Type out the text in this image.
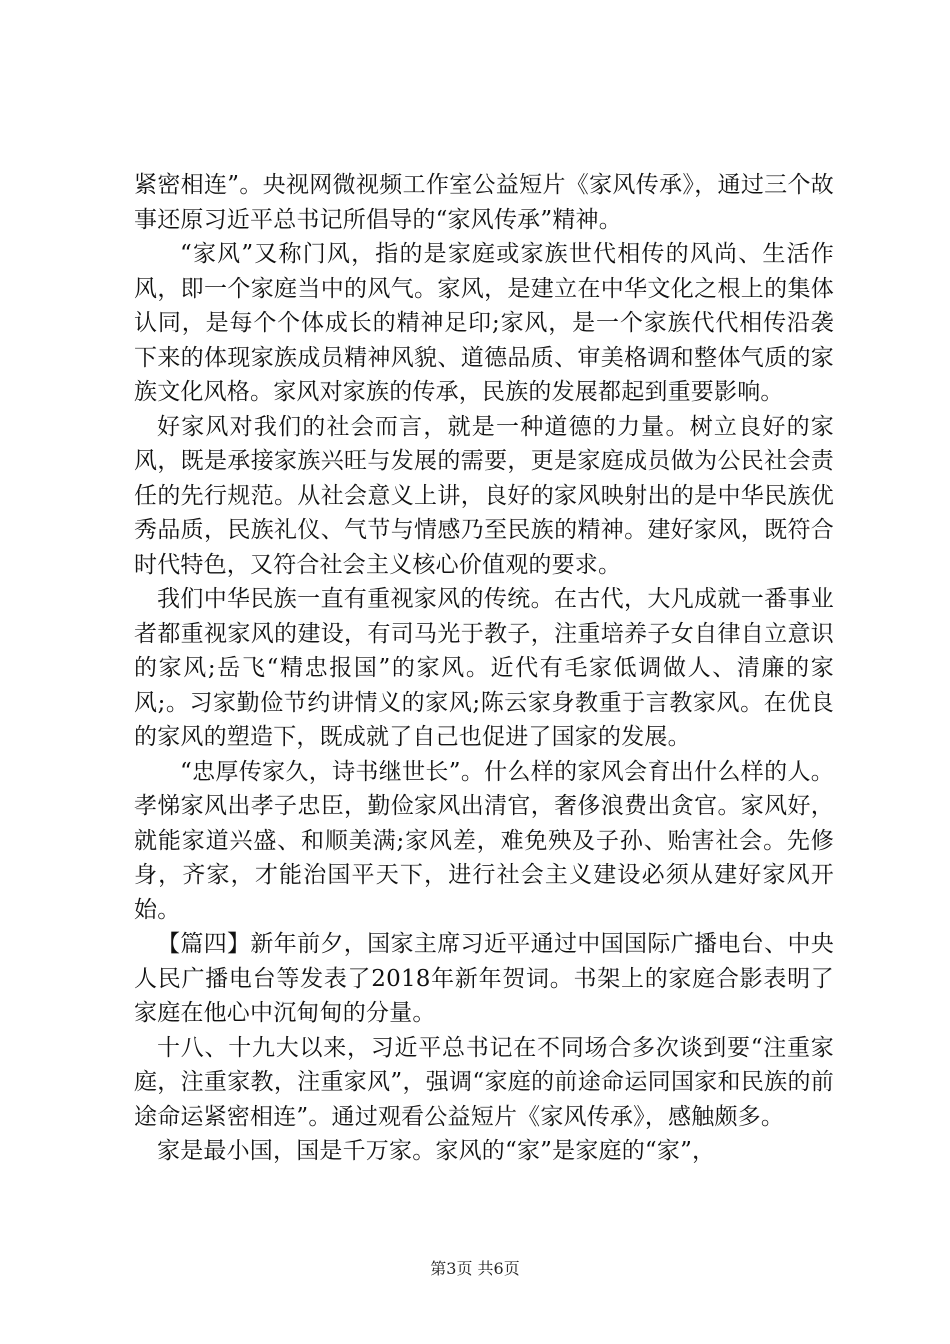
紧密相连”。央视网微视频工作室公益短片《家风传承》，通过三个故事还原习近平总书记所倡导的“家风传承”精神。

“家风”又称门风，指的是家庭或家族世代相传的风尚、生活作风，即一个家庭当中的风气。家风，是建立在中华文化之根上的集体认同，是每个个体成长的精神足印;家风，是一个家族代代相传沿袭下来的体现家族成员精神风貌、道德品质、审美格调和整体气质的家族文化风格。家风对家族的传承，民族的发展都起到重要影响。

好家风对我们的社会而言，就是一种道德的力量。树立良好的家风，既是承接家族兴旺与发展的需要，更是家庭成员做为公民社会责任的先行规范。从社会意义上讲，良好的家风映射出的是中华民族优秀品质，民族礼仪、气节与情感乃至民族的精神。建好家风，既符合时代特色，又符合社会主义核心价值观的要求。

我们中华民族一直有重视家风的传统。在古代，大凡成就一番事业者都重视家风的建设，有司马光于教子，注重培养子女自律自立意识的家风;岳飞“精忠报国”的家风。近代有毛家低调做人、清廉的家风;。习家勤俭节约讲情义的家风;陈云家身教重于言教家风。在优良的家风的塑造下，既成就了自己也促进了国家的发展。

“忠厚传家久，诗书继世长”。什么样的家风会育出什么样的人。孝悌家风出孝子忠臣，勤俭家风出清官，奢侈浪费出贪官。家风好，就能家道兴盛、和顺美满;家风差，难免殃及子孙、贻害社会。先修身，齐家，才能治国平天下，进行社会主义建设必须从建好家风开始。

【篇四】新年前夕，国家主席习近平通过中国国际广播电台、中央人民广播电台等发表了2018年新年贺词。书架上的家庭合影表明了家庭在他心中沉甸甸的分量。

十八、十九大以来，习近平总书记在不同场合多次谈到要“注重家庭，注重家教，注重家风”，强调“家庭的前途命运同国家和民族的前途命运紧密相连”。通过观看公益短片《家风传承》，感触颇多。

家是最小国，国是千万家。家风的“家”是家庭的“家”，

第3页 共6页
